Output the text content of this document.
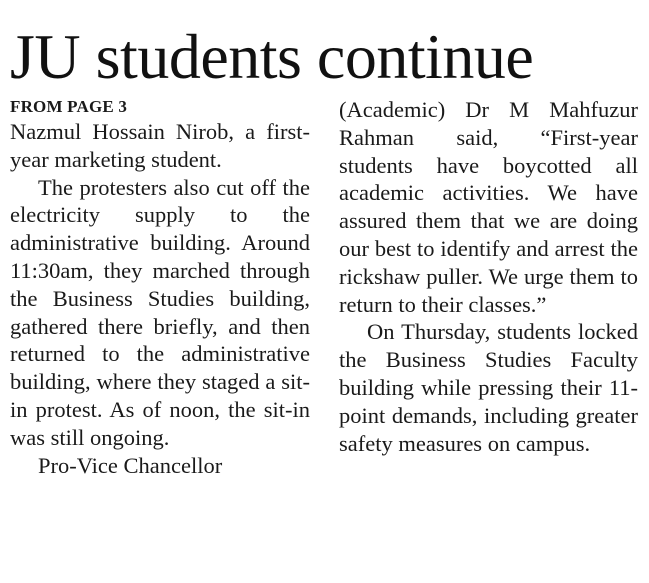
JU students continue
FROM PAGE 3

Nazmul Hossain Nirob, a first-year marketing student.

The protesters also cut off the electricity supply to the administrative building. Around 11:30am, they marched through the Business Studies building, gathered there briefly, and then returned to the administrative building, where they staged a sit-in protest. As of noon, the sit-in was still ongoing.

Pro-Vice Chancellor

(Academic) Dr M Mahfuzur Rahman said, “First-year students have boycotted all academic activities. We have assured them that we are doing our best to identify and arrest the rickshaw puller. We urge them to return to their classes.”

On Thursday, students locked the Business Studies Faculty building while pressing their 11-point demands, including greater safety measures on campus.
